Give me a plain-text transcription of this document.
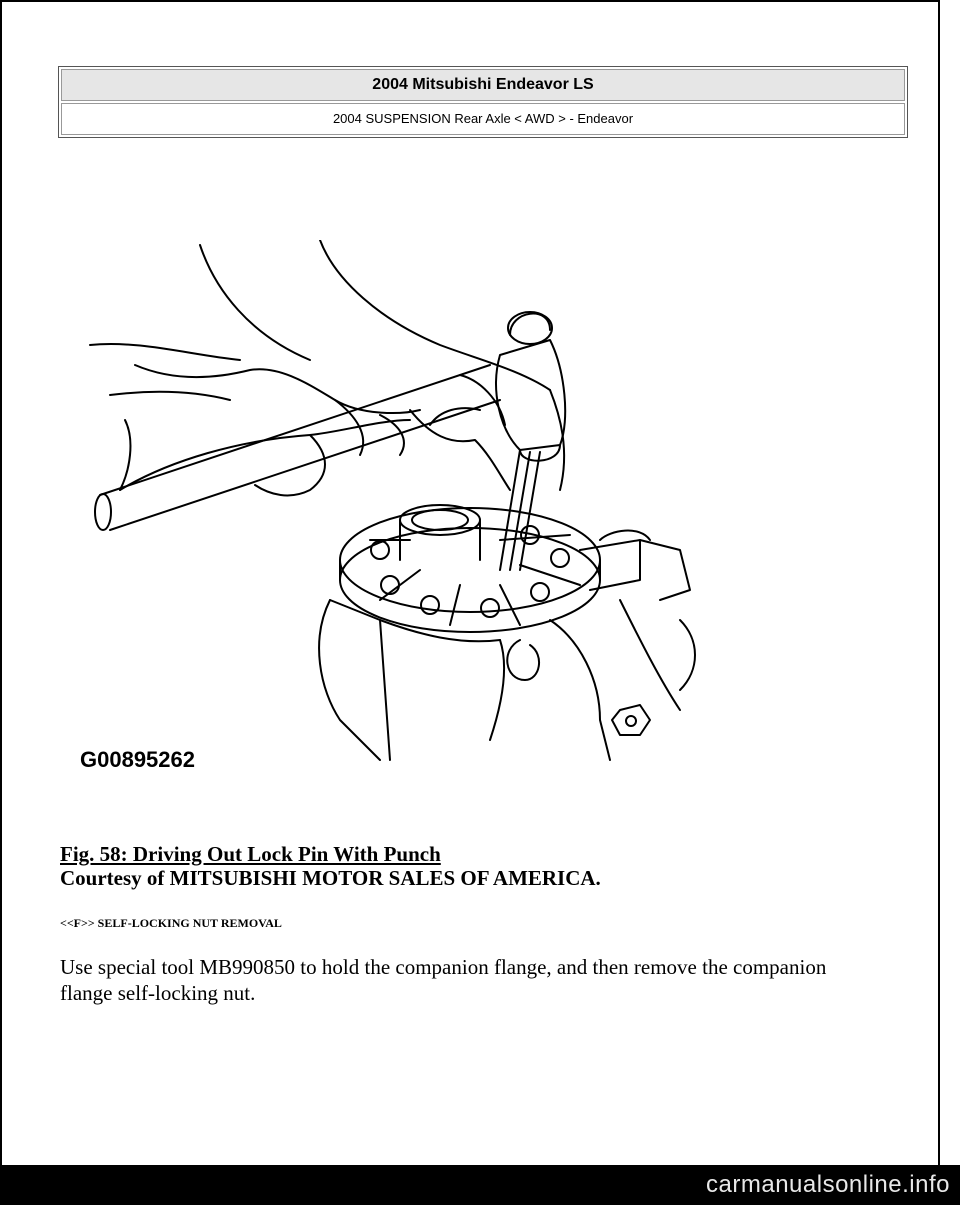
2004 Mitsubishi Endeavor LS
2004 SUSPENSION Rear Axle < AWD > - Endeavor
G00895262
Fig. 58: Driving Out Lock Pin With Punch
Courtesy of MITSUBISHI MOTOR SALES OF AMERICA.
<<F>> SELF-LOCKING NUT REMOVAL
Use special tool MB990850 to hold the companion flange, and then remove the companion flange self-locking nut.
carmanualsonline.info
